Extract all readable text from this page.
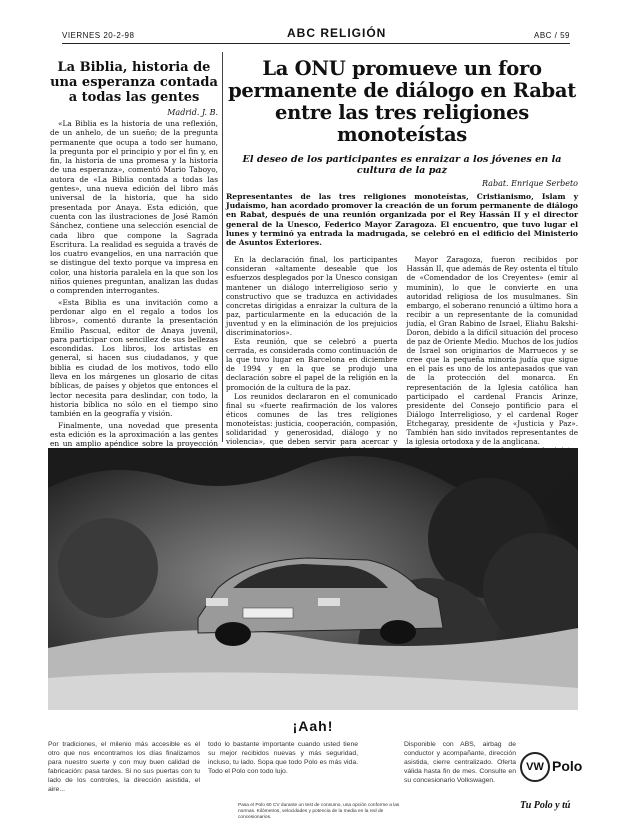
VIERNES 20-2-98	ABC RELIGIÓN	ABC / 59
La Biblia, historia de una esperanza contada a todas las gentes
Madrid. J. B.

«La Biblia es la historia de una reflexión, de un anhelo, de un sueño; de la pregunta permanente que ocupa a todo ser humano, la pregunta por el principio y por el fin y, en fin, la historia de una promesa y la historia de una esperanza», comentó Mario Taboyo, autora de «La Biblia contada a todas las gentes», una nueva edición del libro más universal de la historia, que ha sido presentada por Anaya. Esta edición, que cuenta con las ilustraciones de José Ramón Sánchez, contiene una selección esencial de cada libro que compone la Sagrada Escritura. La realidad es seguida a través de los cuatro evangelios, en una narración que se distingue del texto porque va impresa en color, una historia paralela en la que son los niños quienes preguntan, analizan las dudas o comprenden interrogantes.

«Esta Biblia es una invitación como a perdonar algo en el regalo a todos los libros», comentó durante la presentación Emilio Pascual, editor de Anaya juvenil, para participar con sencillez de sus bellezas escondidas. Los libros, los artistas en general, si hacen sus ciudadanos, y que biblia es ciudad de los motivos, todo ello lleva en los márgenes un glosario de citas bíblicas, de países y objetos que entonces el lector necesita para deslindar, con todo, la historia bíblica no sólo en el tiempo sino también en la geografía y visión.

Finalmente, una novedad que presenta esta edición es la aproximación a las gentes en un amplio apéndice sobre la proyección

La ONU promueve un foro permanente de diálogo en Rabat entre las tres religiones monoteístas
El deseo de los participantes es enraizar a los jóvenes en la cultura de la paz
Rabat. Enrique Serbeto
Representantes de las tres religiones monoteístas, Cristianismo, Islam y Judaísmo, han acordado promover la creación de un forum permanente de diálogo en Rabat, después de una reunión organizada por el Rey Hassán II y el director general de la Unesco, Federico Mayor Zaragoza. El encuentro, que tuvo lugar el lunes y terminó ya entrada la madrugada, se celebró en el edificio del Ministerio de Asuntos Exteriores.

En la declaración final, los participantes consideran «altamente deseable que los esfuerzos desplegados por la Unesco consigan mantener un diálogo interreligioso serio y constructivo que se traduzca en actividades concretas dirigidas a enraizar la cultura de la paz, particularmente en la educación de la juventud y en la eliminación de los prejuicios discriminatorios».

Esta reunión, que se celebró a puerta cerrada, es considerada como continuación de la que tuvo lugar en Barcelona en diciembre de 1994 y en la que se produjo una declaración sobre el papel de la religión en la promoción de la cultura de la paz.

Los reunidos declararon en el comunicado final su «fuerte reafirmación de los valores éticos comunes de las tres religiones monoteístas: justicia, cooperación, compasión, solidaridad y generosidad, diálogo y no violencia», que deben servir para acercar y

Mayor Zaragoza, fueron recibidos por Hassán II, que además de Rey ostenta el título de «Comendador de los Creyentes» (emir al muminin), lo que le convierte en una autoridad religiosa de los musulmanes. Sin embargo, el soberano renunció a último hora a recibir a un representante de la comunidad judía, el Gran Rabino de Israel, Eliahu Bakshi-Doron, debido a la difícil situación del proceso de paz de Oriente Medio. Muchos de los judíos de Israel son originarios de Marruecos y se cree que la pequeña minoría judía que sigue en el país es uno de los antepasados que van de la protección del monarca. En representación de la Iglesia católica han participado el cardenal Francis Arinze, presidente del Consejo pontificio para el Diálogo Interreligioso, y el cardenal Roger Etchegaray, presidente de «Justicia y Paz». También han sido invitados representantes de la iglesia ortodoxa y de la anglicana.

¡Aah!
Por tradiciones, el milenio más accesible es el otro que nos encontramos los días finalizamos para nuestro suerte y con muy buen calidad de fabricación: pasa tardes. Si no sus puertas con tu lado de los controles, la dirección asistida, el aire...
todo lo bastante importante cuando usted tiene su mejor recibidos nuevas y más seguridad, incluso, tu lado. Sopa que todo Polo es más vida. Todo el Polo con todo lujo.
Disponible con ABS, airbag de conductor y acompañante, dirección asistida, cierre centralizado. Oferta válida hasta fin de mes. Consulte en su concesionario Volkswagen.
Pasa el Polo 60 CV durante un test de consumo, una opción conforme a las normas. Kilómetros, velocidades y potencia de la media en la red de concesionarios.
VW Polo
Tu Polo y tú
